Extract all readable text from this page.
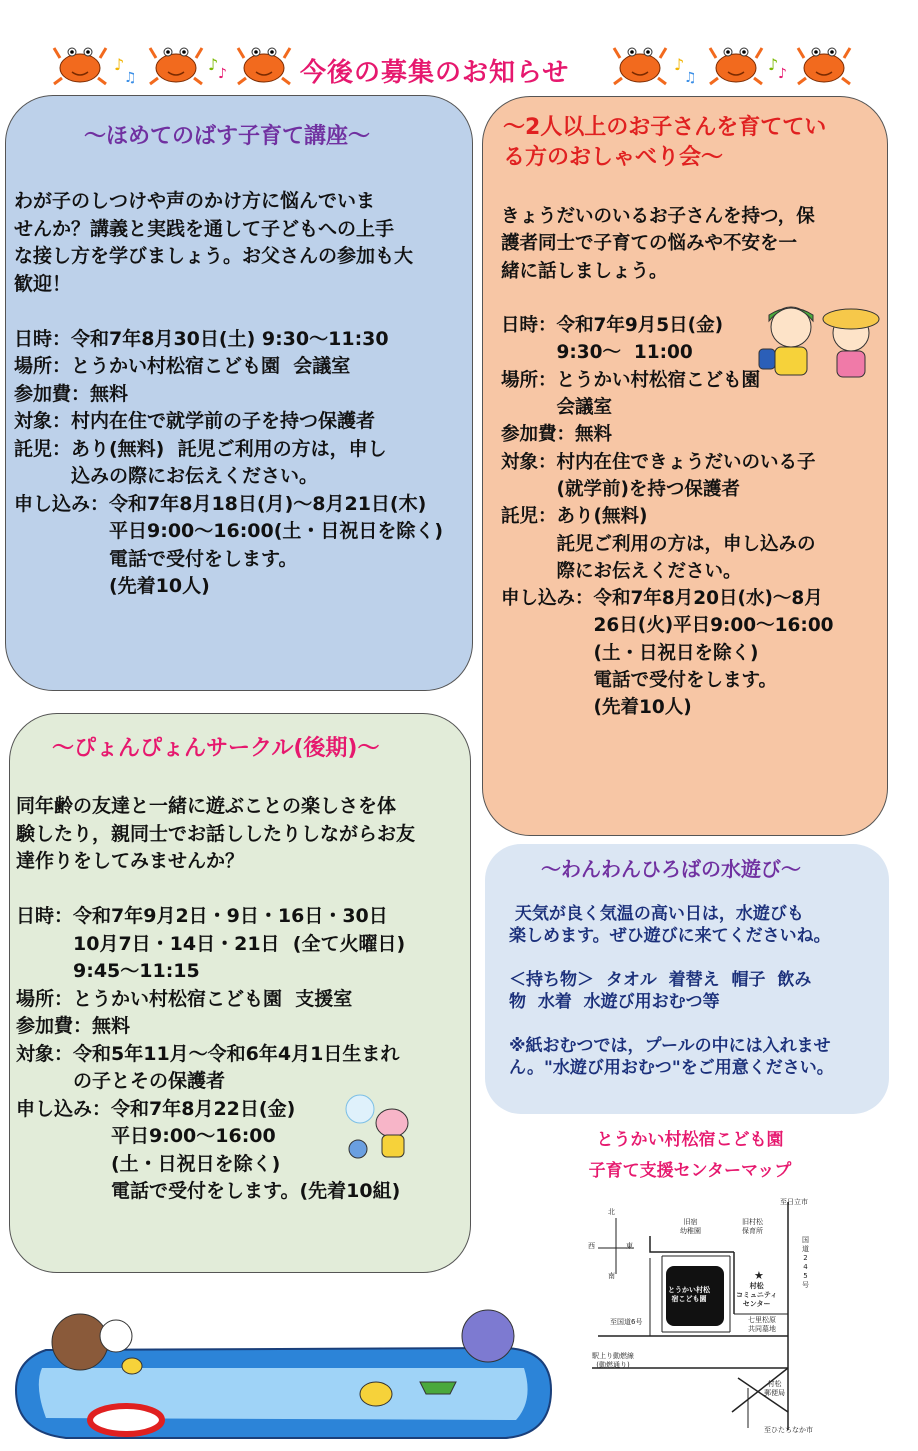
♪
♫
♪ ♪	今後の募集のお知らせ	♪
♫
♪ ♪
～ほめてのばす子育て講座～
わが子のしつけや声のかけ方に悩んでいま
せんか？講義と実践を通して子どもへの上手
な接し方を学びましょう。お父さんの参加も大
歓迎！

日時：令和7年8月30日(土) 9:30～11:30
場所：とうかい村松宿こども園  会議室
参加費：無料
対象：村内在住で就学前の子を持つ保護者
託児：あり(無料)  託児ご利用の方は，申し
　　　込みの際にお伝えください。
申し込み：令和7年8月18日(月)～8月21日(木)
　　　　　平日9:00～16:00(土・日祝日を除く)
　　　　　電話で受付をします。
　　　　　(先着10人)
～2人以上のお子さんを育ててい
る方のおしゃべり会～
きょうだいのいるお子さんを持つ，保
護者同士で子育ての悩みや不安を一
緒に話しましょう。

日時：令和7年9月5日(金)
　　　9:30～  11:00
場所：とうかい村松宿こども園
　　　会議室
参加費：無料
対象：村内在住できょうだいのいる子
　　　(就学前)を持つ保護者
託児：あり(無料)
　　　託児ご利用の方は，申し込みの
　　　際にお伝えください。
申し込み：令和7年8月20日(水)～8月
　　　　　26日(火)平日9:00～16:00
　　　　　(土・日祝日を除く)
　　　　　電話で受付をします。
　　　　　(先着10人)
～ぴょんぴょんサークル(後期)～
同年齢の友達と一緒に遊ぶことの楽しさを体
験したり，親同士でお話ししたりしながらお友
達作りをしてみませんか？

日時：令和7年9月2日・9日・16日・30日
　　　10月7日・14日・21日  (全て火曜日)
　　　9:45～11:15
場所：とうかい村松宿こども園  支援室
参加費：無料
対象：令和5年11月～令和6年4月1日生まれ
　　　の子とその保護者
申し込み：令和7年8月22日(金)
　　　　　平日9:00～16:00
　　　　　(土・日祝日を除く)
　　　　　電話で受付をします。(先着10組)
～わんわんひろばの水遊び～
天気が良く気温の高い日は，水遊びも
楽しめます。ぜひ遊びに来てくださいね。

＜持ち物＞  タオル  着替え  帽子  飲み
物  水着  水遊び用おむつ等

※紙おむつでは，プールの中には入れませ
ん。"水遊び用おむつ"をご用意ください。
とうかい村松宿こども園
子育て支援センターマップ
北
南
東
西
至日立市
旧宿
幼稚園
旧村松
保育所
★
村松
コミュニティ
センター
国
道
2
4
5
号
とうかい村松
宿こども園
至国道6号	七里松原
共同墓地
駅上り動燃線
(動燃通り)
村松
郵便局
至ひたちなか市
